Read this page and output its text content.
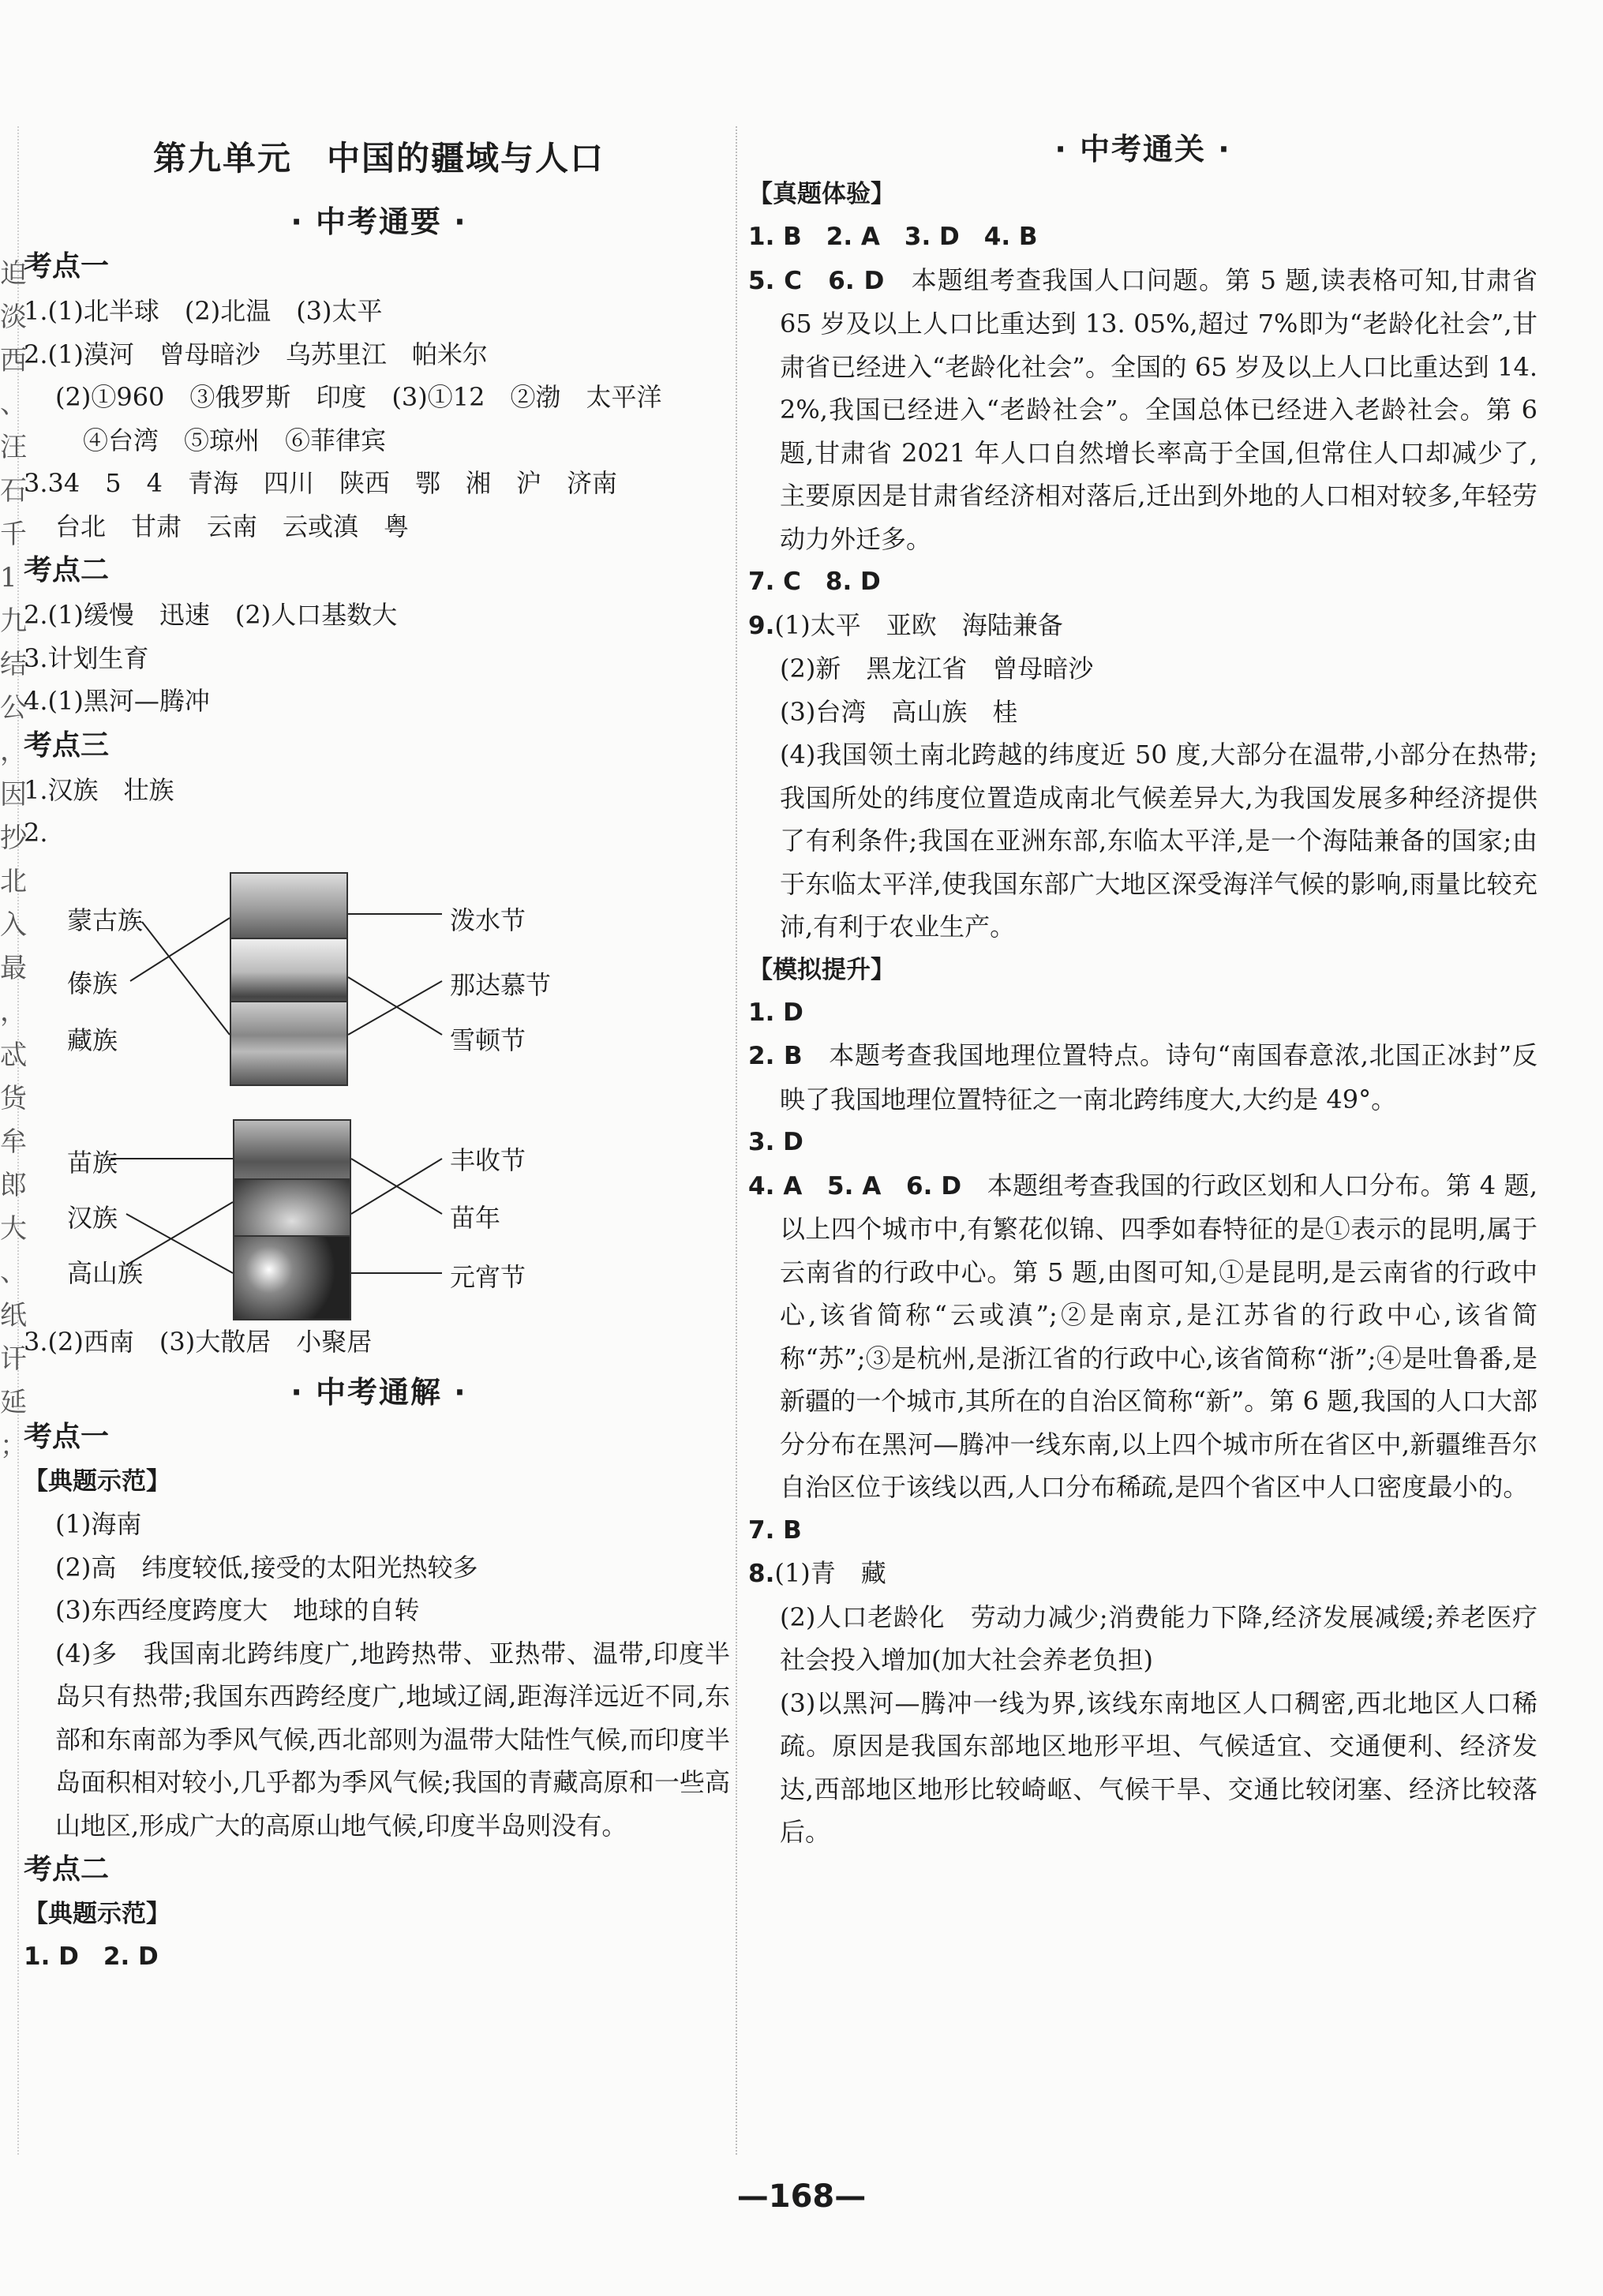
迫
淡
西
、
汪
石
千
1
九
结
公
，
因
抄
北
入
最
，
忒
货
牟
郎
大
、
纸
讦
延
；
第九单元　中国的疆域与人口
· 中考通要 ·
考点一
1.(1)北半球　(2)北温　(3)太平
2.(1)漠河　曾母暗沙　乌苏里江　帕米尔
(2)①960　③俄罗斯　印度　(3)①12　②渤　太平洋
④台湾　⑤琼州　⑥菲律宾
3.34　5　4　青海　四川　陕西　鄂　湘　沪　济南
台北　甘肃　云南　云或滇　粤
考点二
2.(1)缓慢　迅速　(2)人口基数大
3.计划生育
4.(1)黑河—腾冲
考点三
1.汉族　壮族
2.
蒙古族
傣族
藏族
泼水节
那达慕节
雪顿节
苗族
汉族
高山族
丰收节
苗年
元宵节
3.(2)西南　(3)大散居　小聚居
· 中考通解 ·
考点一
【典题示范】
(1)海南
(2)高　纬度较低,接受的太阳光热较多
(3)东西经度跨度大　地球的自转
(4)多　我国南北跨纬度广,地跨热带、亚热带、温带,印度半岛只有热带;我国东西跨经度广,地域辽阔,距海洋远近不同,东部和东南部为季风气候,西北部则为温带大陆性气候,而印度半岛面积相对较小,几乎都为季风气候;我国的青藏高原和一些高山地区,形成广大的高原山地气候,印度半岛则没有。
考点二
【典题示范】
1. D　2. D
· 中考通关 ·
【真题体验】
1. B　2. A　3. D　4. B
5. C　6. D　本题组考查我国人口问题。第 5 题,读表格可知,甘肃省 65 岁及以上人口比重达到 13. 05%,超过 7%即为“老龄化社会”,甘肃省已经进入“老龄化社会”。全国的 65 岁及以上人口比重达到 14. 2%,我国已经进入“老龄社会”。全国总体已经进入老龄社会。第 6 题,甘肃省 2021 年人口自然增长率高于全国,但常住人口却减少了,主要原因是甘肃省经济相对落后,迁出到外地的人口相对较多,年轻劳动力外迁多。
7. C　8. D
9.(1)太平　亚欧　海陆兼备
(2)新　黑龙江省　曾母暗沙
(3)台湾　高山族　桂
(4)我国领土南北跨越的纬度近 50 度,大部分在温带,小部分在热带;我国所处的纬度位置造成南北气候差异大,为我国发展多种经济提供了有利条件;我国在亚洲东部,东临太平洋,是一个海陆兼备的国家;由于东临太平洋,使我国东部广大地区深受海洋气候的影响,雨量比较充沛,有利于农业生产。
【模拟提升】
1. D
2. B　本题考查我国地理位置特点。诗句“南国春意浓,北国正冰封”反映了我国地理位置特征之一南北跨纬度大,大约是 49°。
3. D
4. A　5. A　6. D　本题组考查我国的行政区划和人口分布。第 4 题,以上四个城市中,有繁花似锦、四季如春特征的是①表示的昆明,属于云南省的行政中心。第 5 题,由图可知,①是昆明,是云南省的行政中心,该省简称“云或滇”;②是南京,是江苏省的行政中心,该省简称“苏”;③是杭州,是浙江省的行政中心,该省简称“浙”;④是吐鲁番,是新疆的一个城市,其所在的自治区简称“新”。第 6 题,我国的人口大部分分布在黑河—腾冲一线东南,以上四个城市所在省区中,新疆维吾尔自治区位于该线以西,人口分布稀疏,是四个省区中人口密度最小的。
7. B
8.(1)青　藏
(2)人口老龄化　劳动力减少;消费能力下降,经济发展减缓;养老医疗社会投入增加(加大社会养老负担)
(3)以黑河—腾冲一线为界,该线东南地区人口稠密,西北地区人口稀疏。原因是我国东部地区地形平坦、气候适宜、交通便利、经济发达,西部地区地形比较崎岖、气候干旱、交通比较闭塞、经济比较落后。
—168—
